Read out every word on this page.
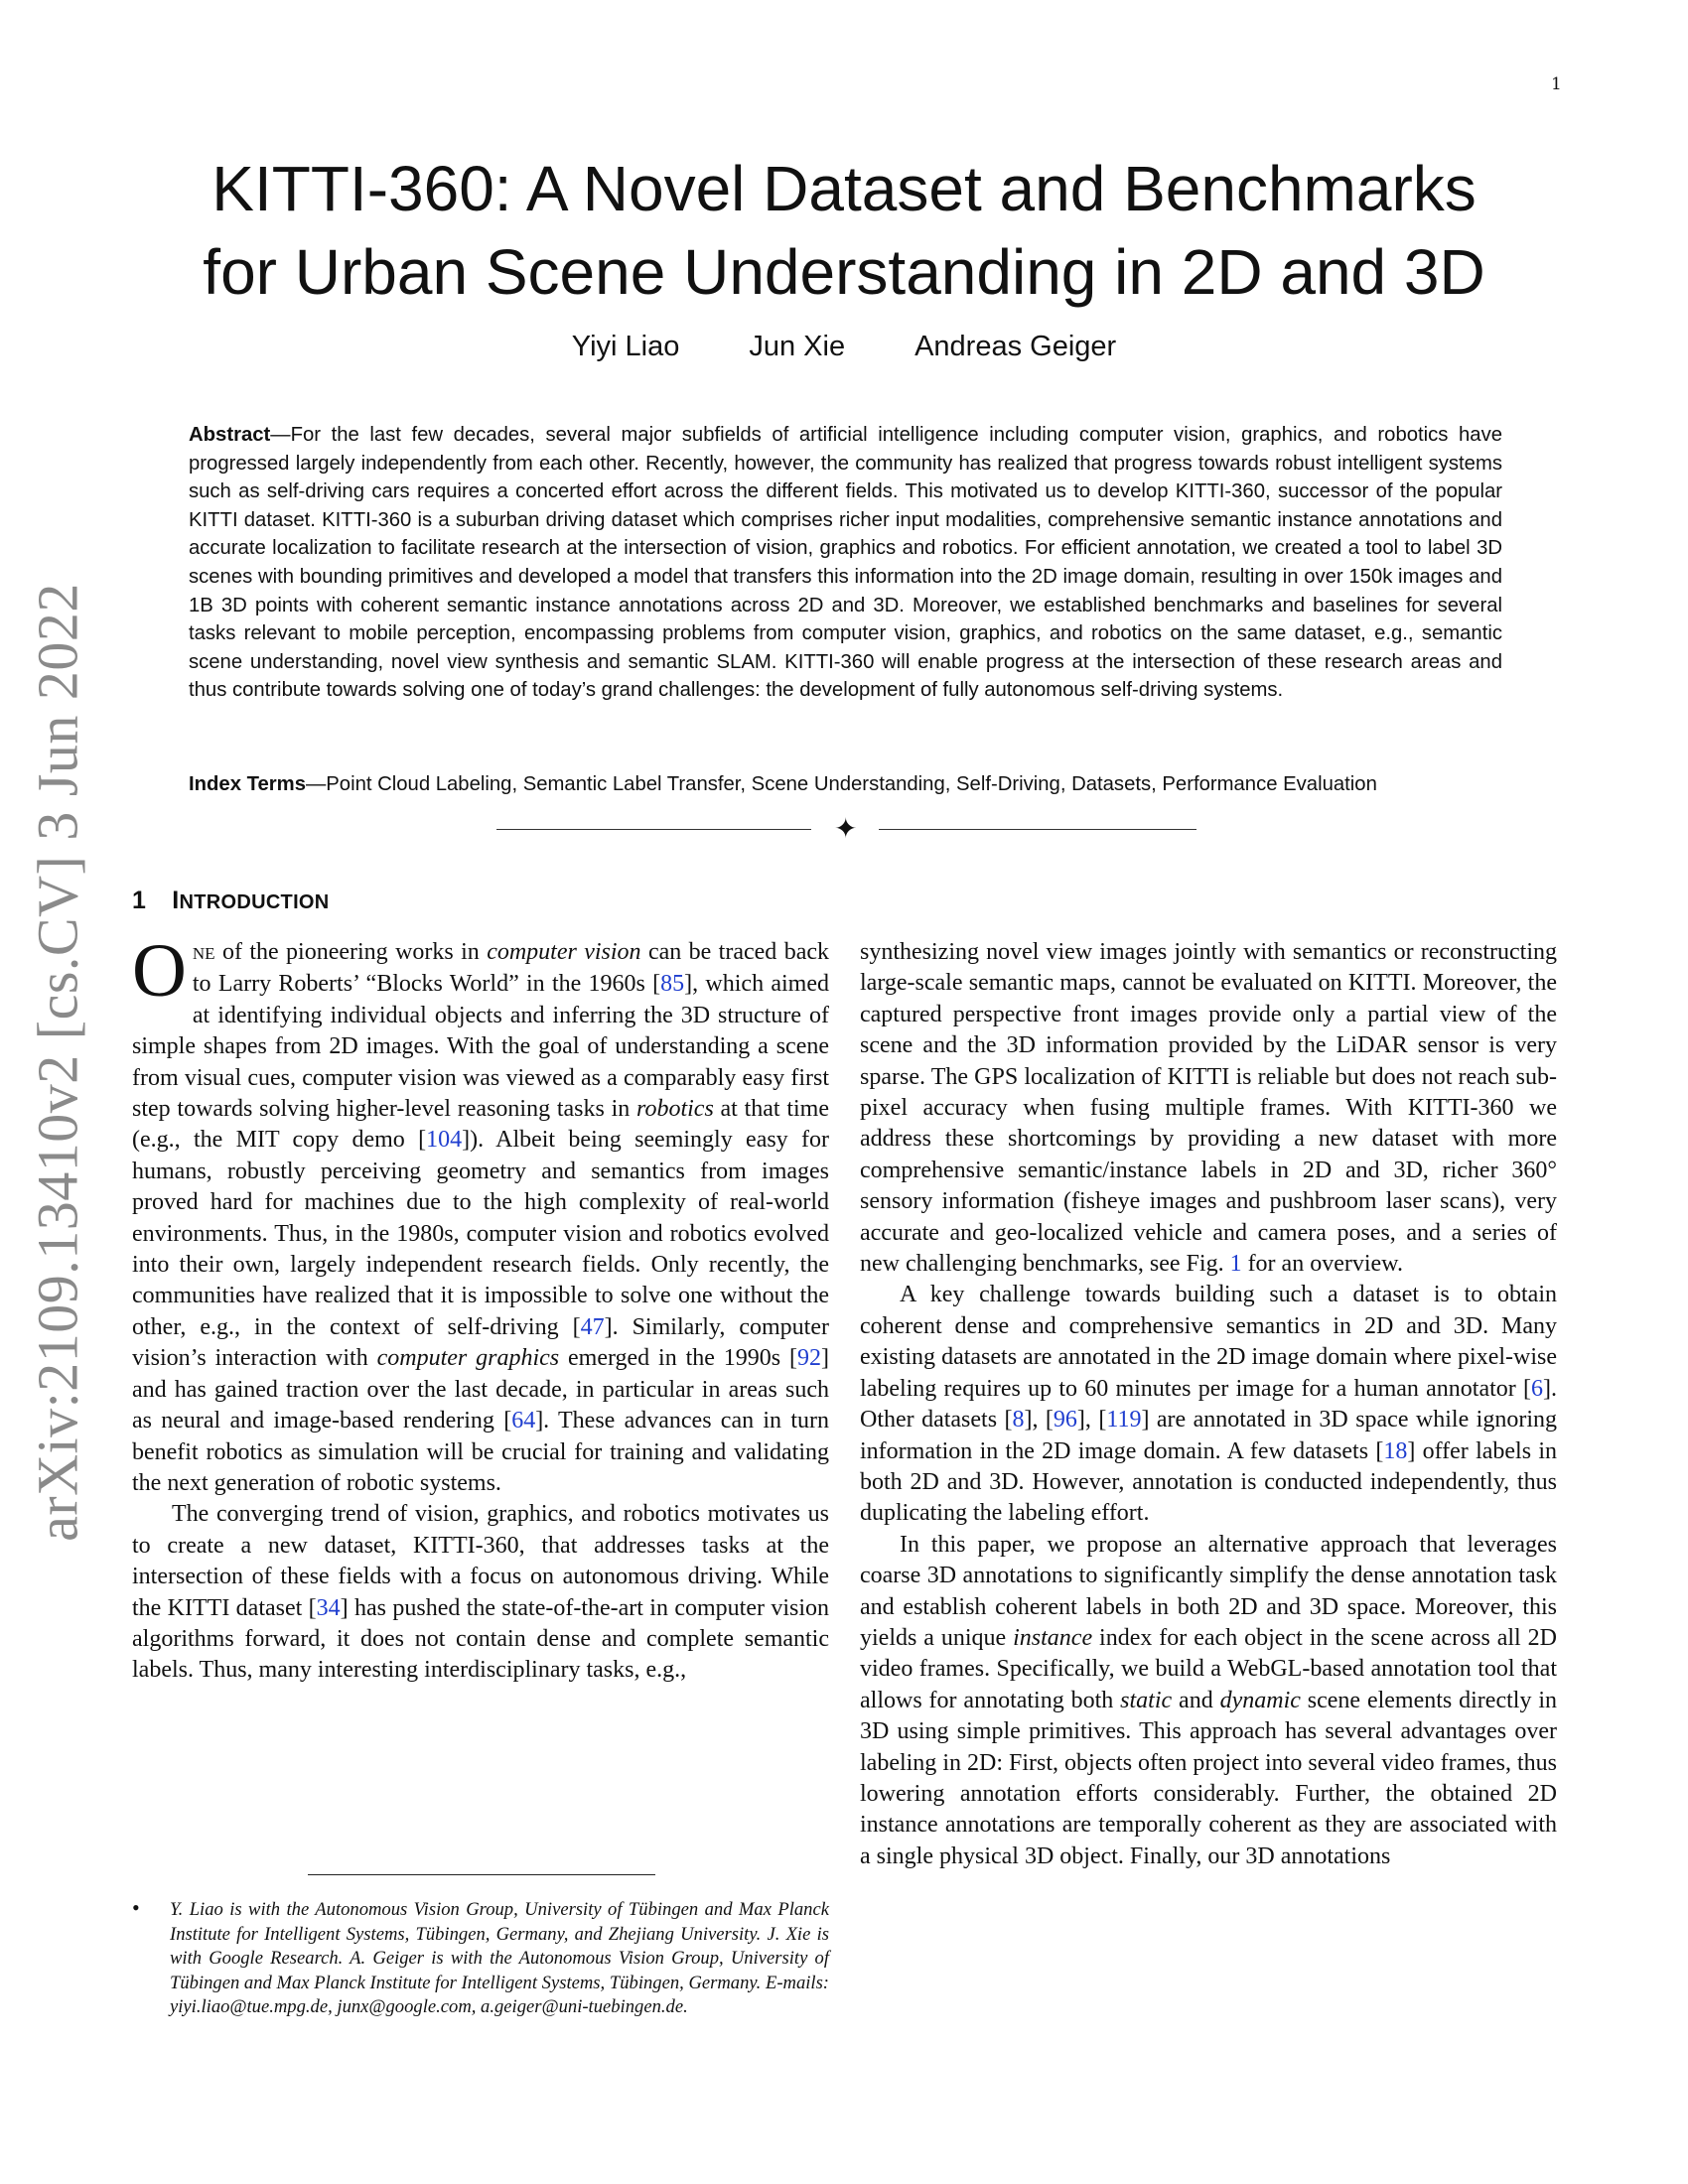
1
arXiv:2109.13410v2 [cs.CV] 3 Jun 2022
KITTI-360: A Novel Dataset and Benchmarks
for Urban Scene Understanding in 2D and 3D
Yiyi Liao Jun Xie Andreas Geiger

Abstract—For the last few decades, several major subfields of artificial intelligence including computer vision, graphics, and robotics have progressed largely independently from each other. Recently, however, the community has realized that progress towards robust intelligent systems such as self-driving cars requires a concerted effort across the different fields. This motivated us to develop KITTI-360, successor of the popular KITTI dataset. KITTI-360 is a suburban driving dataset which comprises richer input modalities, comprehensive semantic instance annotations and accurate localization to facilitate research at the intersection of vision, graphics and robotics. For efficient annotation, we created a tool to label 3D scenes with bounding primitives and developed a model that transfers this information into the 2D image domain, resulting in over 150k images and 1B 3D points with coherent semantic instance annotations across 2D and 3D. Moreover, we established benchmarks and baselines for several tasks relevant to mobile perception, encompassing problems from computer vision, graphics, and robotics on the same dataset, e.g., semantic scene understanding, novel view synthesis and semantic SLAM. KITTI-360 will enable progress at the intersection of these research areas and thus contribute towards solving one of today’s grand challenges: the development of fully autonomous self-driving systems.

Index Terms—Point Cloud Labeling, Semantic Label Transfer, Scene Understanding, Self-Driving, Datasets, Performance Evaluation

✦
1 INTRODUCTION

ONE of the pioneering works in computer vision can be traced back to Larry Roberts’ “Blocks World” in the 1960s [85], which aimed at identifying individual objects and inferring the 3D structure of simple shapes from 2D images. With the goal of understanding a scene from visual cues, computer vision was viewed as a comparably easy first step towards solving higher-level reasoning tasks in robotics at that time (e.g., the MIT copy demo [104]). Albeit being seemingly easy for humans, robustly perceiving geometry and semantics from images proved hard for machines due to the high complexity of real-world environments. Thus, in the 1980s, computer vision and robotics evolved into their own, largely independent research fields. Only recently, the communities have realized that it is impossible to solve one without the other, e.g., in the context of self-driving [47]. Similarly, computer vision’s interaction with computer graphics emerged in the 1990s [92] and has gained traction over the last decade, in particular in areas such as neural and image-based rendering [64]. These advances can in turn benefit robotics as simulation will be crucial for training and validating the next generation of robotic systems.

The converging trend of vision, graphics, and robotics motivates us to create a new dataset, KITTI-360, that addresses tasks at the intersection of these fields with a focus on autonomous driving. While the KITTI dataset [34] has pushed the state-of-the-art in computer vision algorithms forward, it does not contain dense and complete semantic labels. Thus, many interesting interdisciplinary tasks, e.g.,

• Y. Liao is with the Autonomous Vision Group, University of Tübingen and Max Planck Institute for Intelligent Systems, Tübingen, Germany, and Zhejiang University. J. Xie is with Google Research. A. Geiger is with the Autonomous Vision Group, University of Tübingen and Max Planck Institute for Intelligent Systems, Tübingen, Germany. E-mails: yiyi.liao@tue.mpg.de, junx@google.com, a.geiger@uni-tuebingen.de.

synthesizing novel view images jointly with semantics or reconstructing large-scale semantic maps, cannot be evaluated on KITTI. Moreover, the captured perspective front images provide only a partial view of the scene and the 3D information provided by the LiDAR sensor is very sparse. The GPS localization of KITTI is reliable but does not reach sub-pixel accuracy when fusing multiple frames. With KITTI-360 we address these shortcomings by providing a new dataset with more comprehensive semantic/instance labels in 2D and 3D, richer 360° sensory information (fisheye images and pushbroom laser scans), very accurate and geo-localized vehicle and camera poses, and a series of new challenging benchmarks, see Fig. 1 for an overview.

A key challenge towards building such a dataset is to obtain coherent dense and comprehensive semantics in 2D and 3D. Many existing datasets are annotated in the 2D image domain where pixel-wise labeling requires up to 60 minutes per image for a human annotator [6]. Other datasets [8], [96], [119] are annotated in 3D space while ignoring information in the 2D image domain. A few datasets [18] offer labels in both 2D and 3D. However, annotation is conducted independently, thus duplicating the labeling effort.

In this paper, we propose an alternative approach that leverages coarse 3D annotations to significantly simplify the dense annotation task and establish coherent labels in both 2D and 3D space. Moreover, this yields a unique instance index for each object in the scene across all 2D video frames. Specifically, we build a WebGL-based annotation tool that allows for annotating both static and dynamic scene elements directly in 3D using simple primitives. This approach has several advantages over labeling in 2D: First, objects often project into several video frames, thus lowering annotation efforts considerably. Further, the obtained 2D instance annotations are temporally coherent as they are associated with a single physical 3D object. Finally, our 3D annotations
